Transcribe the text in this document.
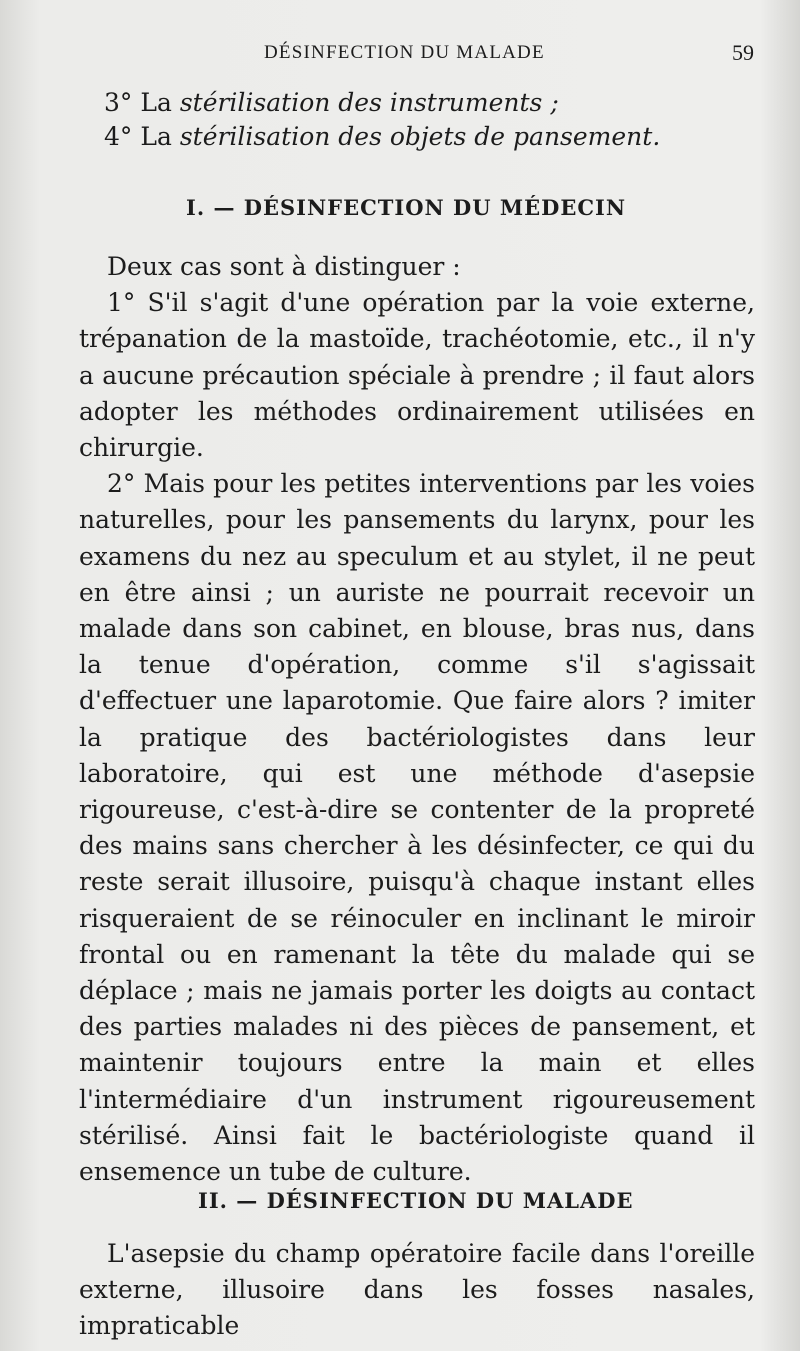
DÉSINFECTION DU MALADE	59
3° La stérilisation des instruments ;
4° La stérilisation des objets de pansement.
I. — DÉSINFECTION DU MÉDECIN

Deux cas sont à distinguer :

1° S'il s'agit d'une opération par la voie externe, trépanation de la mastoïde, trachéotomie, etc., il n'y a aucune précaution spéciale à prendre ; il faut alors adopter les méthodes ordinairement utilisées en chirurgie.

2° Mais pour les petites interventions par les voies naturelles, pour les pansements du larynx, pour les examens du nez au speculum et au stylet, il ne peut en être ainsi ; un auriste ne pourrait recevoir un malade dans son cabinet, en blouse, bras nus, dans la tenue d'opération, comme s'il s'agissait d'effectuer une laparotomie. Que faire alors ? imiter la pratique des bactériologistes dans leur laboratoire, qui est une méthode d'asepsie rigoureuse, c'est-à-dire se contenter de la propreté des mains sans chercher à les désinfecter, ce qui du reste serait illusoire, puisqu'à chaque instant elles risqueraient de se réinoculer en inclinant le miroir frontal ou en ramenant la tête du malade qui se déplace ; mais ne jamais porter les doigts au contact des parties malades ni des pièces de pansement, et maintenir toujours entre la main et elles l'intermédiaire d'un instrument rigoureusement stérilisé. Ainsi fait le bactériologiste quand il ensemence un tube de culture.

II. — DÉSINFECTION DU MALADE

L'asepsie du champ opératoire facile dans l'oreille externe, illusoire dans les fosses nasales, impraticable
